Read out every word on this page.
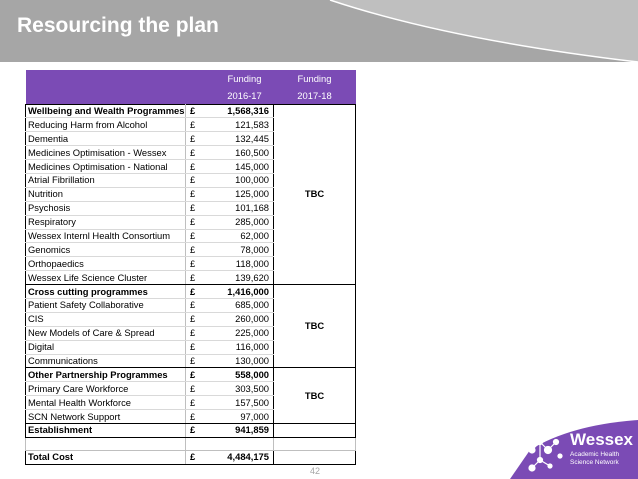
Resourcing the plan
		Funding	Funding
		2016-17	2017-18
Wellbeing and Wealth Programmes	£	1,568,316	TBC
Reducing Harm from Alcohol	£	121,583	
Dementia	£	132,445	
Medicines Optimisation - Wessex	£	160,500	
Medicines Optimisation - National	£	145,000	
Atrial Fibrillation	£	100,000	
Nutrition	£	125,000	
Psychosis	£	101,168	
Respiratory	£	285,000	
Wessex Internl Health Consortium	£	62,000	
Genomics	£	78,000	
Orthopaedics	£	118,000	
Wessex Life Science Cluster	£	139,620	
Cross cutting programmes	£	1,416,000	TBC
Patient Safety Collaborative	£	685,000	
CIS	£	260,000	
New Models of Care & Spread	£	225,000	
Digital	£	116,000	
Communications	£	130,000	
Other Partnership Programmes	£	558,000	TBC
Primary Care Workforce	£	303,500	
Mental Health Workforce	£	157,500	
SCN Network Support	£	97,000	
Establishment	£	941,859	

Total Cost	£	4,484,175	
42
Wessex
Academic Health
Science Network
